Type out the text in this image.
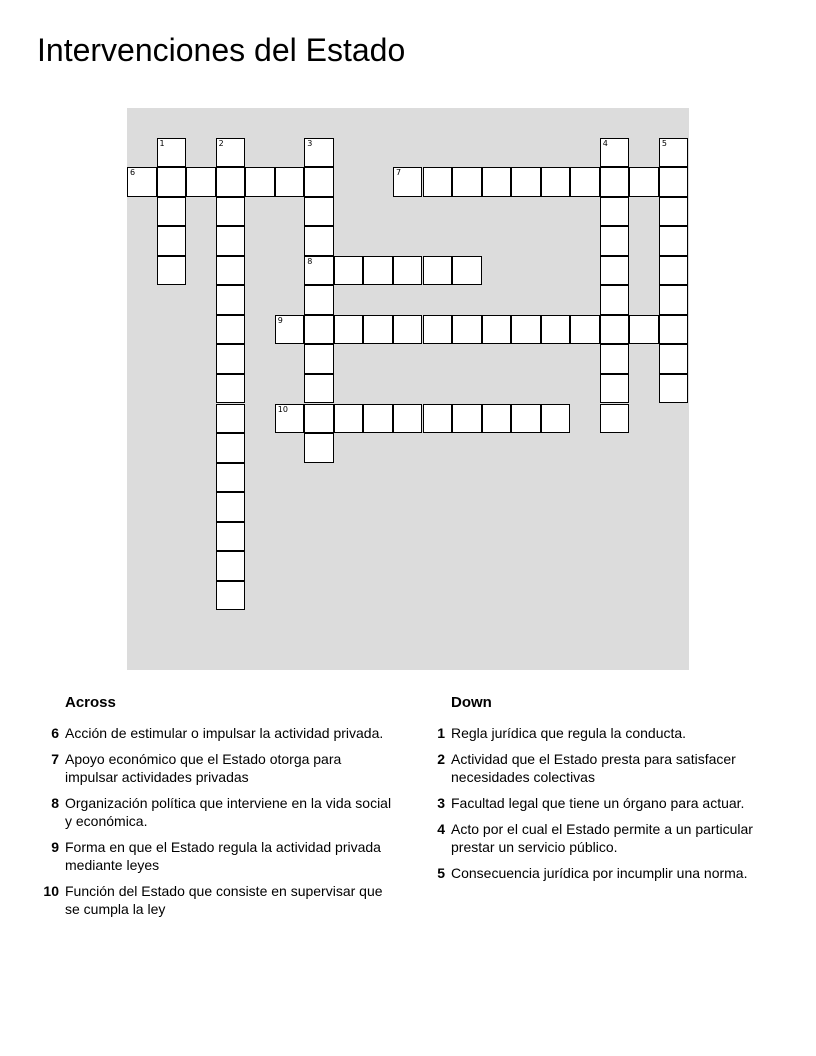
Intervenciones del Estado
1	2	3
8
4	5
6	7
9
10
Across
6 Acción de estimular o impulsar la actividad privada.
7 Apoyo económico que el Estado otorga para impulsar actividades privadas
8 Organización política que interviene en la vida social y económica.
9 Forma en que el Estado regula la actividad privada mediante leyes
10 Función del Estado que consiste en supervisar que se cumpla la ley
Down
1 Regla jurídica que regula la conducta.
2 Actividad que el Estado presta para satisfacer necesidades colectivas
3 Facultad legal que tiene un órgano para actuar.
4 Acto por el cual el Estado permite a un particular prestar un servicio público.
5 Consecuencia jurídica por incumplir una norma.
